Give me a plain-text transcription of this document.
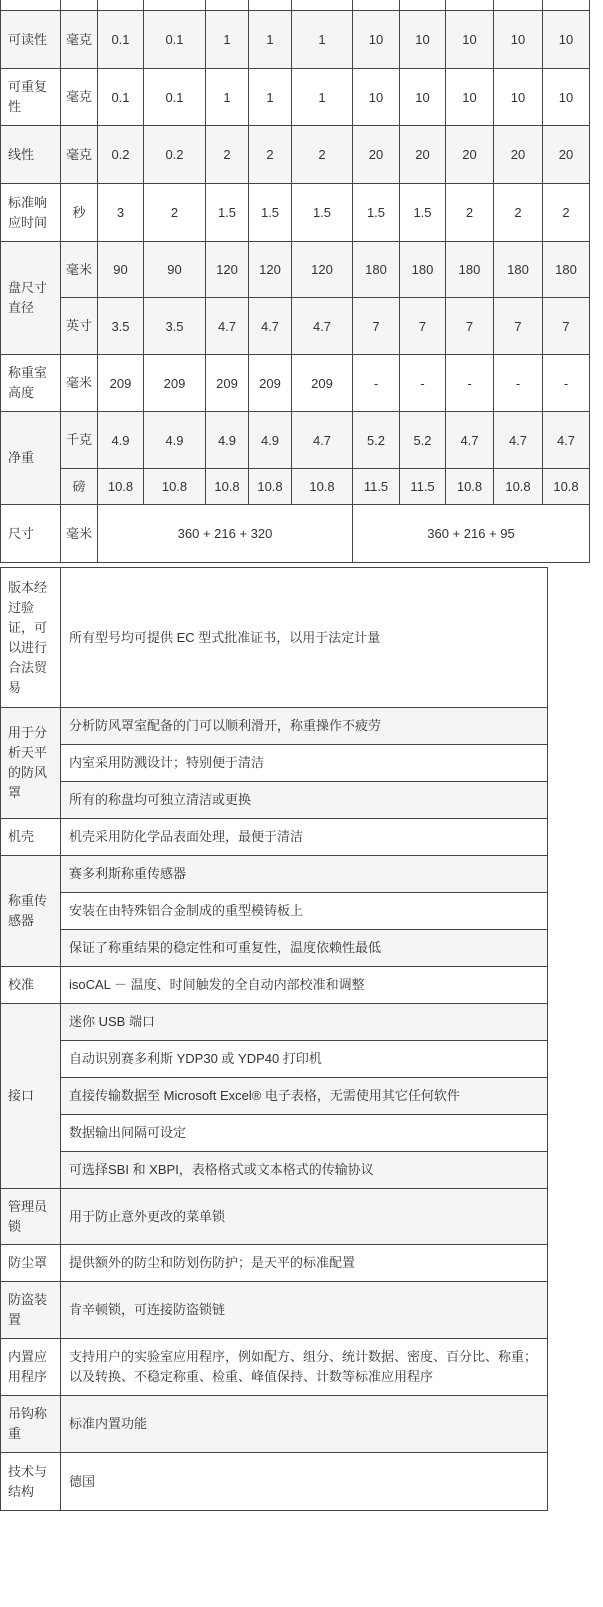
可读性	毫克	0.1	0.1	1	1	1	10	10	10	10	10
可重复性	毫克	0.1	0.1	1	1	1	10	10	10	10	10
线性	毫克	0.2	0.2	2	2	2	20	20	20	20	20
标准响应时间	秒	3	2	1.5	1.5	1.5	1.5	1.5	2	2	2
盘尺寸直径	毫米	90	90	120	120	120	180	180	180	180	180
	英寸	3.5	3.5	4.7	4.7	4.7	7	7	7	7	7
称重室高度	毫米	209	209	209	209	209	-	-	-	-	-
净重	千克	4.9	4.9	4.9	4.9	4.7	5.2	5.2	4.7	4.7	4.7
	磅	10.8	10.8	10.8	10.8	10.8	11.5	11.5	10.8	10.8	10.8
尺寸	毫米	360 + 216 + 320					360 + 216 + 95				
版本经过验证，可以进行合法贸易	所有型号均可提供 EC 型式批准证书，以用于法定计量
用于分析天平的防风罩	分析防风罩室配备的门可以顺利滑开，称重操作不疲劳
	内室采用防溅设计；特别便于清洁
	所有的称盘均可独立清洁或更换
机壳	机壳采用防化学品表面处理，最便于清洁
称重传感器	赛多利斯称重传感器
	安装在由特殊铝合金制成的重型模铸板上
	保证了称重结果的稳定性和可重复性，温度依赖性最低
校准	isoCAL － 温度、时间触发的全自动内部校准和调整
接口	迷你 USB 端口
	自动识别赛多利斯 YDP30 或 YDP40 打印机
	直接传输数据至 Microsoft Excel® 电子表格，无需使用其它任何软件
	数据输出间隔可设定
	可选择SBI 和 XBPI，表格格式或文本格式的传输协议
管理员锁	用于防止意外更改的菜单锁
防尘罩	提供额外的防尘和防划伤防护；是天平的标准配置
防盗装置	肯辛顿锁，可连接防盗锁链
内置应用程序	支持用户的实验室应用程序，例如配方、组分、统计数据、密度、百分比、称重；以及转换、不稳定称重、检重、峰值保持、计数等标准应用程序
吊钩称重	标准内置功能
技术与结构	德国
